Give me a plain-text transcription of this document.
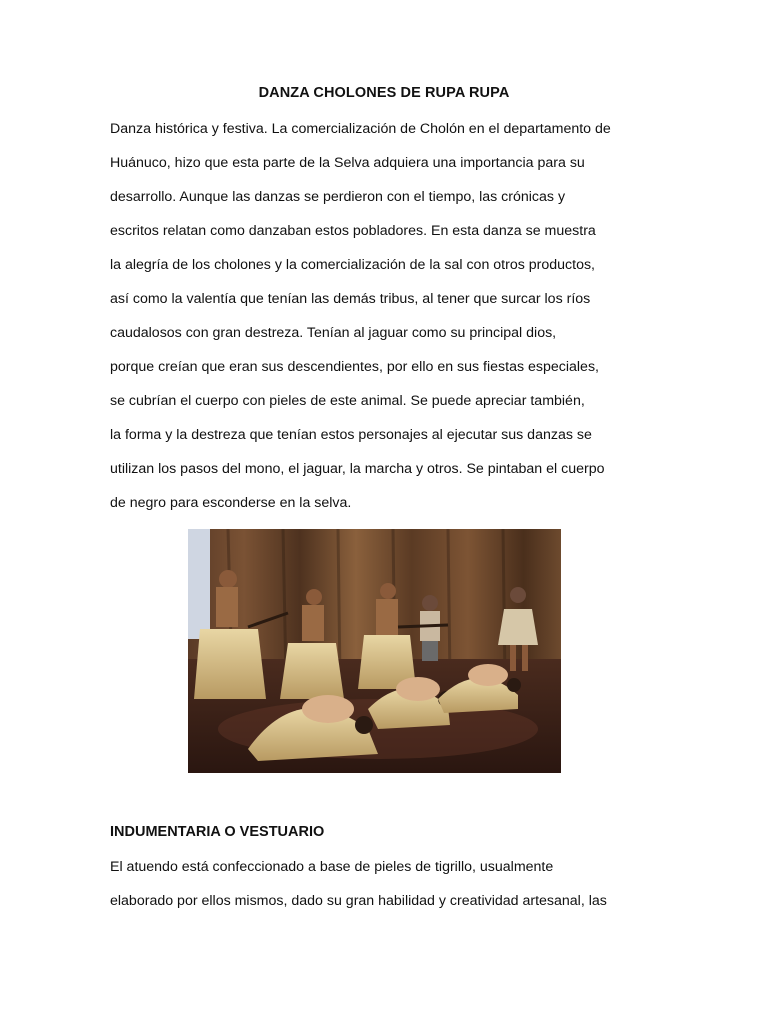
DANZA CHOLONES DE RUPA RUPA
Danza histórica y festiva. La comercialización de Cholón en el departamento de
Huánuco, hizo que esta parte de la Selva adquiera una importancia para su
desarrollo. Aunque las danzas se perdieron con el tiempo, las crónicas y
escritos relatan como danzaban estos pobladores. En esta danza se muestra
la alegría de los cholones y la comercialización de la sal con otros productos,
así como la valentía que tenían las demás tribus, al tener que surcar los ríos
caudalosos con gran destreza. Tenían al jaguar como su principal dios,
porque creían que eran sus descendientes, por ello en sus fiestas especiales,
se cubrían el cuerpo con pieles de este animal. Se puede apreciar también,
la forma y la destreza que tenían estos personajes al ejecutar sus danzas se
utilizan los pasos del mono, el jaguar, la marcha y otros. Se pintaban el cuerpo
de negro para esconderse en la selva.
INDUMENTARIA O VESTUARIO
El atuendo está confeccionado a base de pieles de tigrillo, usualmente
elaborado por ellos mismos, dado su gran habilidad y creatividad artesanal, las
